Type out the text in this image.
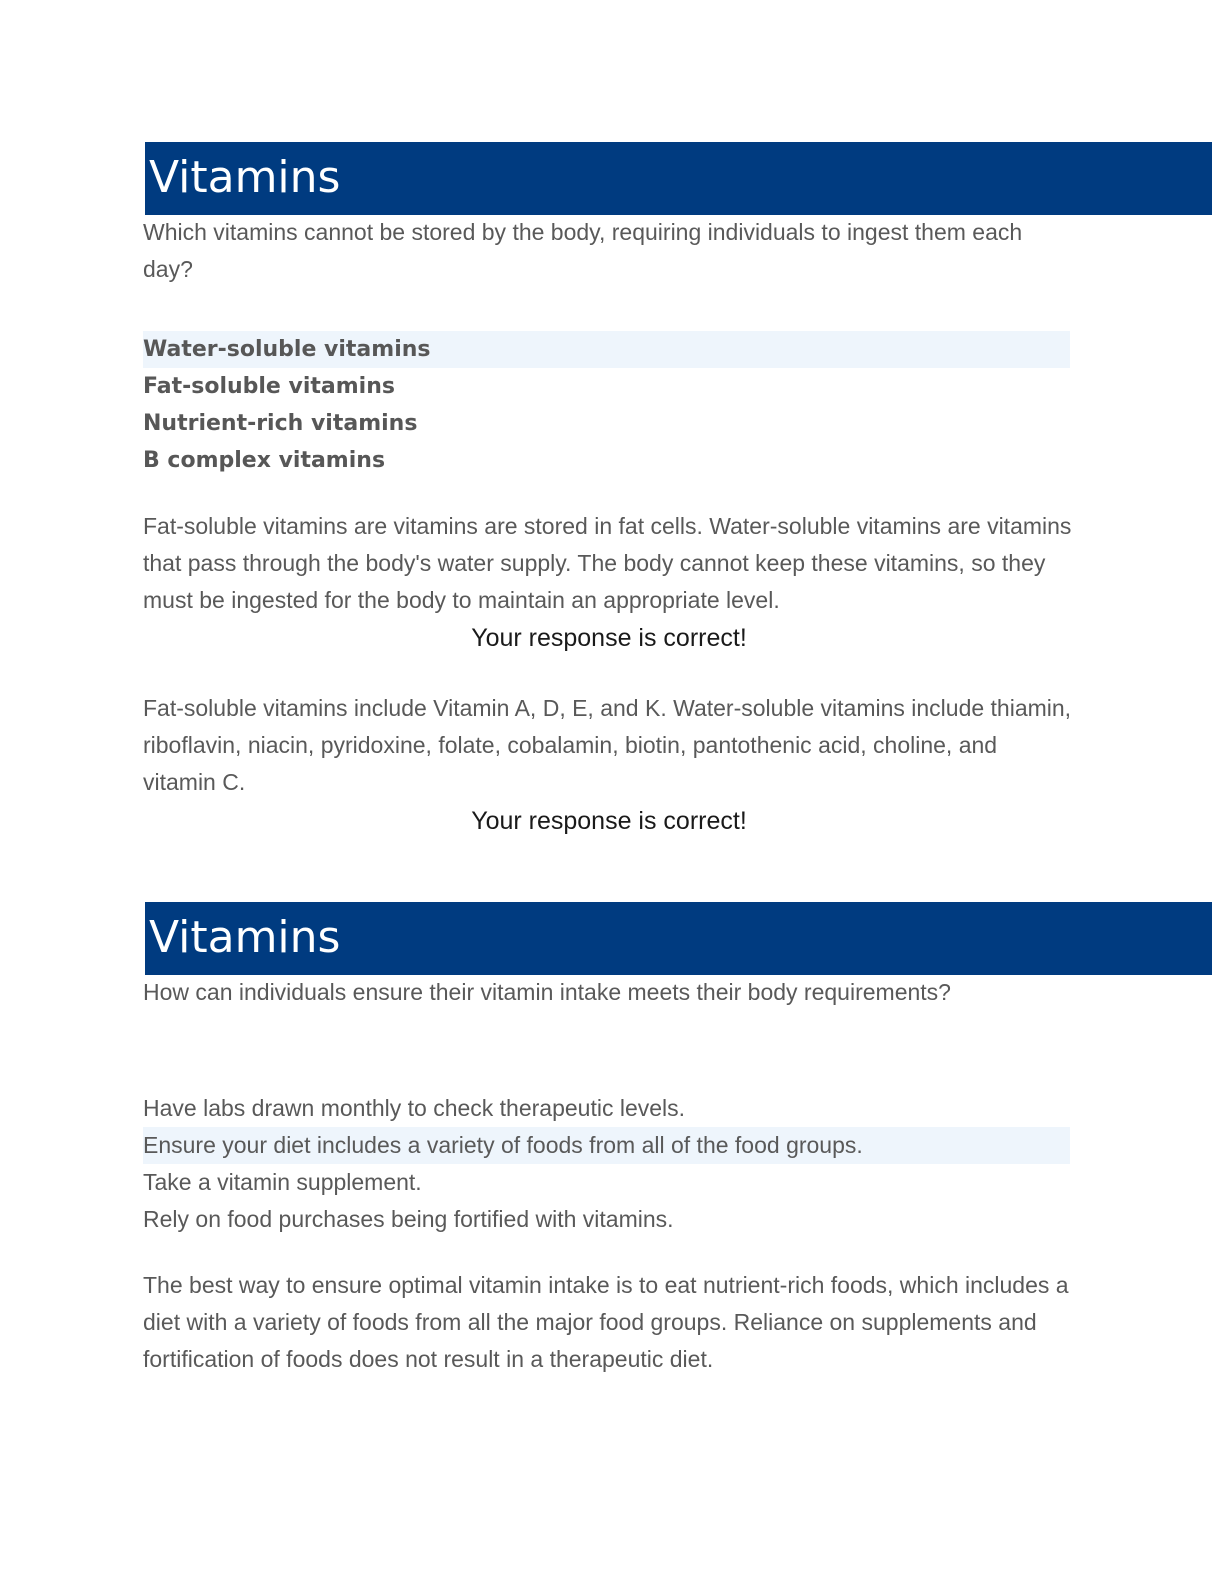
Vitamins
Which vitamins cannot be stored by the body, requiring individuals to ingest them each day?
Water-soluble vitamins
Fat-soluble vitamins
Nutrient-rich vitamins
B complex vitamins
Fat-soluble vitamins are vitamins are stored in fat cells. Water-soluble vitamins are vitamins that pass through the body's water supply. The body cannot keep these vitamins, so they must be ingested for the body to maintain an appropriate level.
Your response is correct!
Fat-soluble vitamins include Vitamin A, D, E, and K. Water-soluble vitamins include thiamin, riboflavin, niacin, pyridoxine, folate, cobalamin, biotin, pantothenic acid, choline, and vitamin C.
Your response is correct!
Vitamins
How can individuals ensure their vitamin intake meets their body requirements?
Have labs drawn monthly to check therapeutic levels.
Ensure your diet includes a variety of foods from all of the food groups.
Take a vitamin supplement.
Rely on food purchases being fortified with vitamins.
The best way to ensure optimal vitamin intake is to eat nutrient-rich foods, which includes a diet with a variety of foods from all the major food groups. Reliance on supplements and fortification of foods does not result in a therapeutic diet.
